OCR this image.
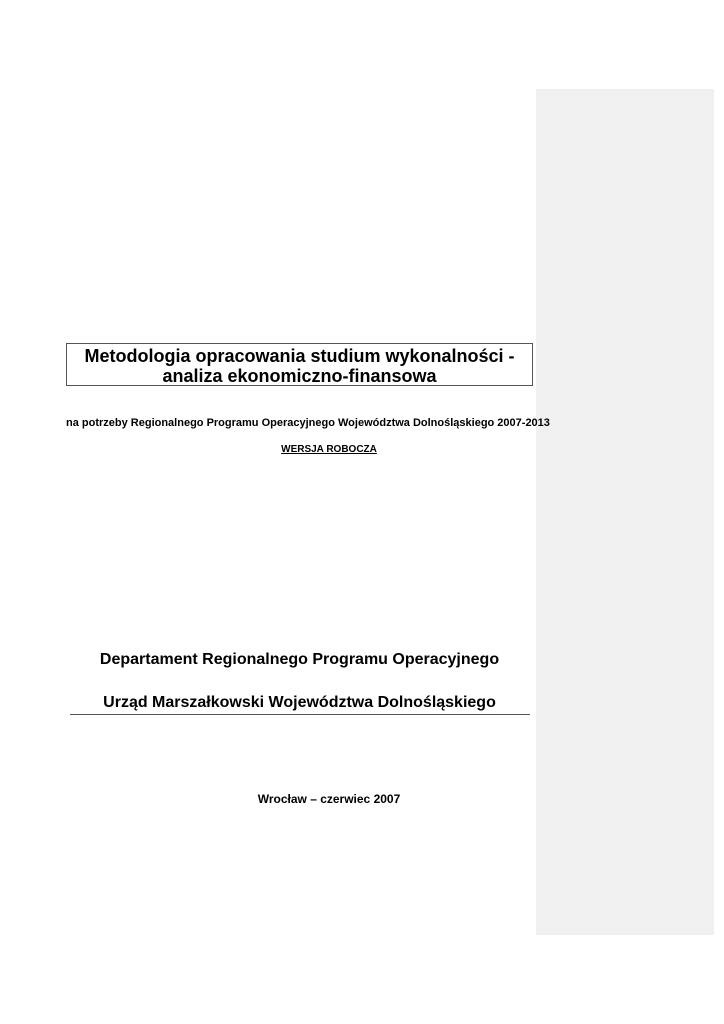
Metodologia opracowania studium wykonalności -
analiza ekonomiczno-finansowa
na potrzeby Regionalnego Programu Operacyjnego Województwa Dolnośląskiego 2007-2013
WERSJA ROBOCZA
Departament Regionalnego Programu Operacyjnego
Urząd Marszałkowski Województwa Dolnośląskiego
Wrocław – czerwiec 2007
